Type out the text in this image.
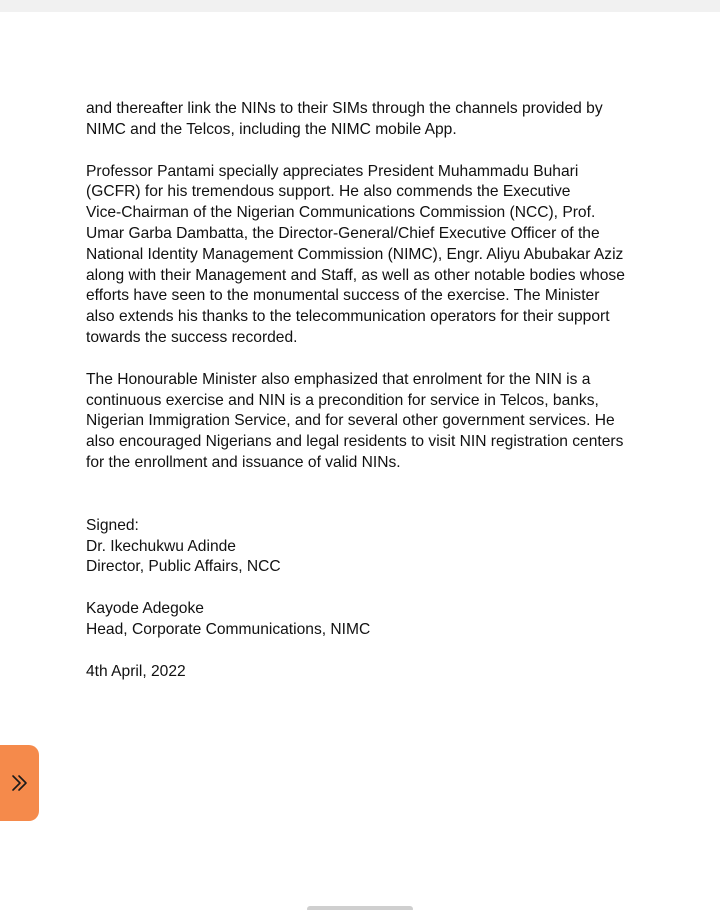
and thereafter link the NINs to their SIMs through the channels provided by
NIMC and the Telcos, including the NIMC mobile App.

Professor Pantami specially appreciates President Muhammadu Buhari
(GCFR) for his tremendous support. He also commends the Executive
Vice-Chairman of the Nigerian Communications Commission (NCC), Prof.
Umar Garba Dambatta, the Director-General/Chief Executive Officer of the
National Identity Management Commission (NIMC), Engr. Aliyu Abubakar Aziz
along with their Management and Staff, as well as other notable bodies whose
efforts have seen to the monumental success of the exercise. The Minister
also extends his thanks to the telecommunication operators for their support
towards the success recorded.

The Honourable Minister also emphasized that enrolment for the NIN is a
continuous exercise and NIN is a precondition for service in Telcos, banks,
Nigerian Immigration Service, and for several other government services. He
also encouraged Nigerians and legal residents to visit NIN registration centers
for the enrollment and issuance of valid NINs.

Signed:
Dr. Ikechukwu Adinde
Director, Public Affairs, NCC

Kayode Adegoke
Head, Corporate Communications, NIMC

4th April, 2022
